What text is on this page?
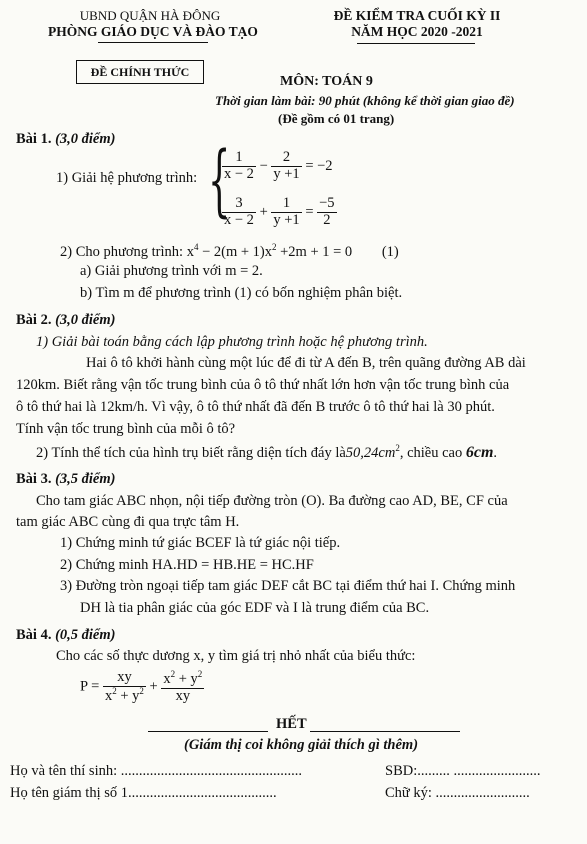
UBND QUẬN HÀ ĐÔNG
PHÒNG GIÁO DỤC VÀ ĐÀO TẠO
ĐỀ CHÍNH THỨC
ĐỀ KIỂM TRA CUỐI KỲ II
NĂM HỌC 2020 -2021
MÔN: TOÁN 9
Thời gian làm bài: 90 phút (không kể thời gian giao đề)
(Đề gồm có 01 trang)
Bài 1. (3,0 điểm)
1) Giải hệ phương trình: {
$\frac{1}{x - 2} - \frac{2}{y +1} = -2$
$\frac{3}{x - 2} + \frac{1}{y +1} = \frac{-5}{2}$
2) Cho phương trình: $x^4 - 2(m + 1)x^2 +2m + 1 = 0$ (1)
a) Giải phương trình với m = 2.
b) Tìm m để phương trình (1) có bốn nghiệm phân biệt.
Bài 2. (3,0 điểm)
1) Giải bài toán bằng cách lập phương trình hoặc hệ phương trình.
Hai ô tô khởi hành cùng một lúc để đi từ A đến B, trên quãng đường AB dài
120km. Biết rằng vận tốc trung bình của ô tô thứ nhất lớn hơn vận tốc trung bình của
ô tô thứ hai là 12km/h. Vì vậy, ô tô thứ nhất đã đến B trước ô tô thứ hai là 30 phút.
Tính vận tốc trung bình của mỗi ô tô?
2) Tính thể tích của hình trụ biết rằng diện tích đáy $là50,24cm^2$, chiều cao 6cm.
Bài 3. (3,5 điểm)
Cho tam giác ABC nhọn, nội tiếp đường tròn (O). Ba đường cao AD, BE, CF của
tam giác ABC cùng đi qua trực tâm H.
1) Chứng minh tứ giác BCEF là tứ giác nội tiếp.
2) Chứng minh HA.HD = HB.HE = HC.HF
3) Đường tròn ngoại tiếp tam giác DEF cắt BC tại điểm thứ hai I. Chứng minh
DH là tia phân giác của góc EDF và I là trung điểm của BC.
Bài 4. (0,5 điểm)
Cho các số thực dương x, y tìm giá trị nhỏ nhất của biểu thức:
$P = \frac{xy}{x^2 + y^2} + \frac{x^2 + y^2}{xy}$
HẾT
(Giám thị coi không giải thích gì thêm)
Họ và tên thí sinh: ..................................................	SBD:......... ........................
Họ tên giám thị số 1.........................................	Chữ ký: ..........................
